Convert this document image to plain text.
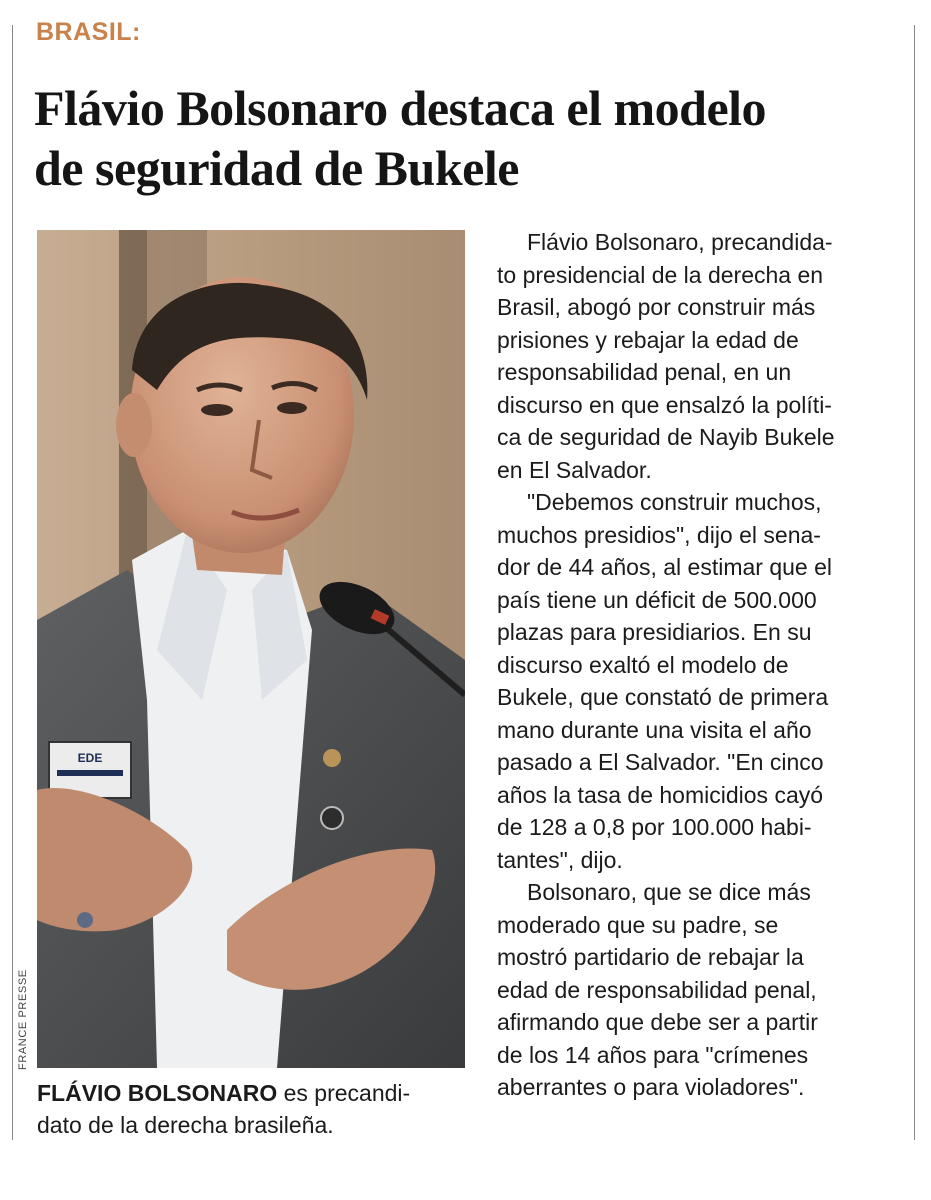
BRASIL:
Flávio Bolsonaro destaca el modelo
de seguridad de Bukele
EDE
FRANCE PRESSE

FLÁVIO BOLSONARO es precandi-
dato de la derecha brasileña.

Flávio Bolsonaro, precandida-
to presidencial de la derecha en
Brasil, abogó por construir más
prisiones y rebajar la edad de
responsabilidad penal, en un
discurso en que ensalzó la políti-
ca de seguridad de Nayib Bukele
en El Salvador.

"Debemos construir muchos,
muchos presidios", dijo el sena-
dor de 44 años, al estimar que el
país tiene un déficit de 500.000
plazas para presidiarios. En su
discurso exaltó el modelo de
Bukele, que constató de primera
mano durante una visita el año
pasado a El Salvador. "En cinco
años la tasa de homicidios cayó
de 128 a 0,8 por 100.000 habi-
tantes", dijo.

Bolsonaro, que se dice más
moderado que su padre, se
mostró partidario de rebajar la
edad de responsabilidad penal,
afirmando que debe ser a partir
de los 14 años para "crímenes
aberrantes o para violadores".
